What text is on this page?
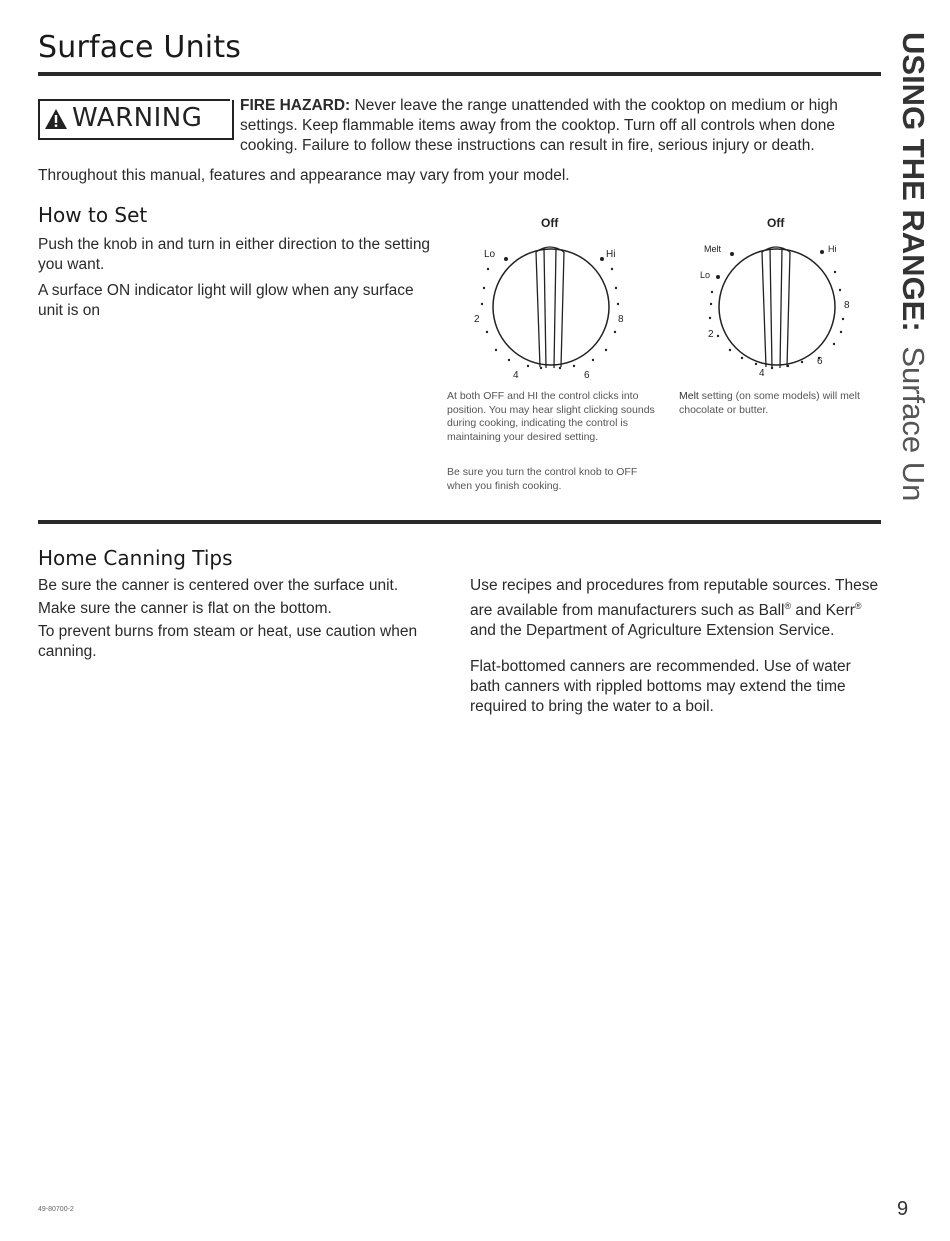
Surface Units	USING THE RANGE: Surface Units
WARNING FIRE HAZARD: Never leave the range unattended with the cooktop on medium or high settings. Keep flammable items away from the cooktop. Turn off all controls when done cooking. Failure to follow these instructions can result in fire, serious injury or death.
Throughout this manual, features and appearance may vary from your model.
How to Set

Push the knob in and turn in either direction to the setting you want.

A surface ON indicator light will glow when any surface unit is on

Off
Lo	Hi
2	8
4	6
At both OFF and HI the control clicks into position. You may hear slight clicking sounds during cooking, indicating the control is maintaining your desired setting.
Be sure you turn the control knob to OFF when you finish cooking.
Off
Melt
Lo
Hi
2
8
4
6
Melt setting (on some models) will melt chocolate or butter.
Home Canning Tips

Be sure the canner is centered over the surface unit.

Make sure the canner is flat on the bottom.

To prevent burns from steam or heat, use caution when canning.

Use recipes and procedures from reputable sources. These are available from manufacturers such as Ball® and Kerr® and the Department of Agriculture Extension Service.

Flat-bottomed canners are recommended. Use of water bath canners with rippled bottoms may extend the time required to bring the water to a boil.

49-80700-2	9
